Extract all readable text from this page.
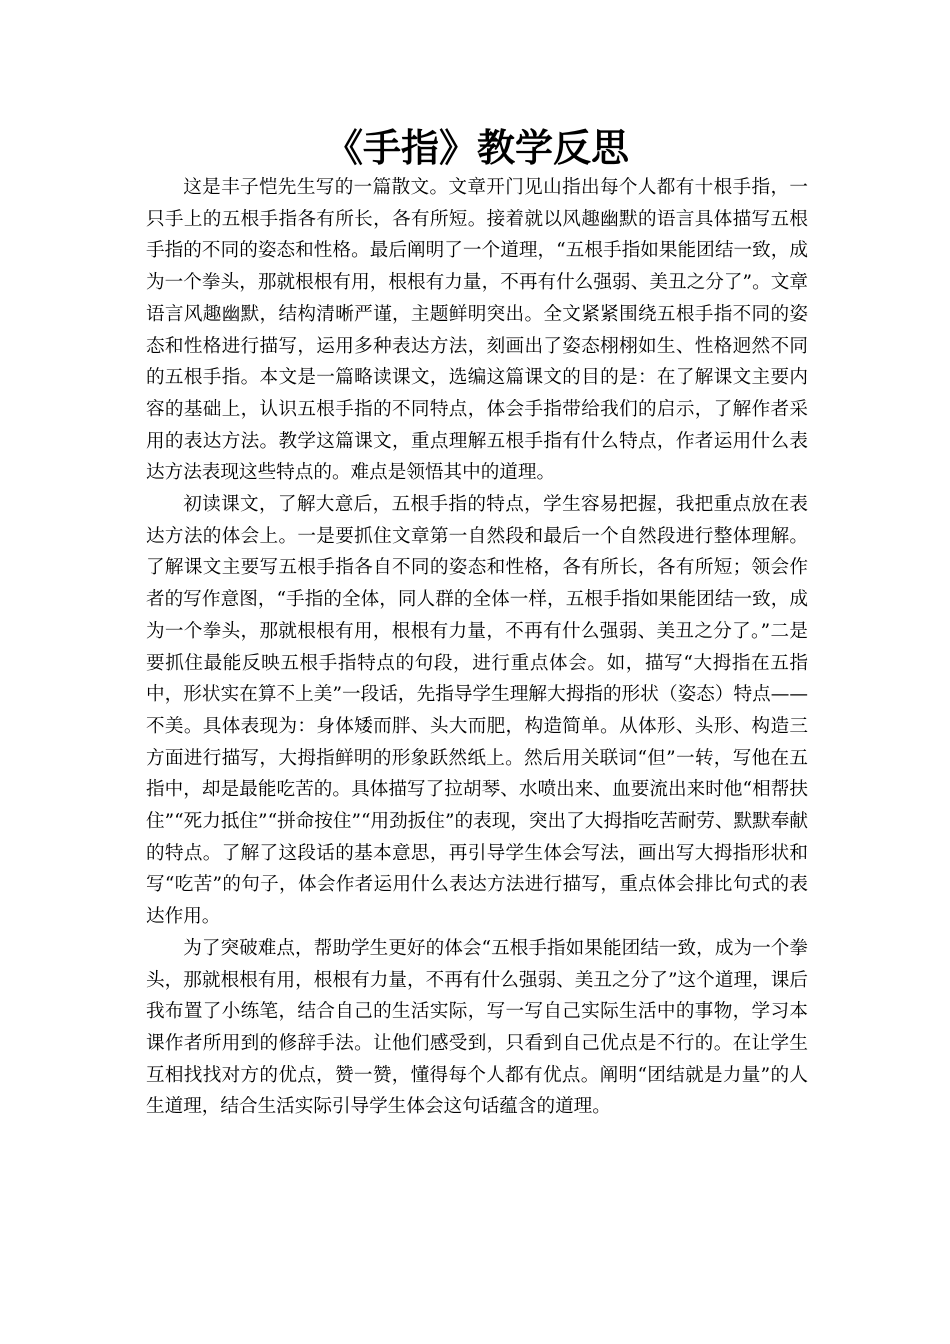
《手指》教学反思

这是丰子恺先生写的一篇散文。文章开门见山指出每个人都有十根手指，一只手上的五根手指各有所长，各有所短。接着就以风趣幽默的语言具体描写五根手指的不同的姿态和性格。最后阐明了一个道理，“五根手指如果能团结一致，成为一个拳头，那就根根有用，根根有力量，不再有什么强弱、美丑之分了”。文章语言风趣幽默，结构清晰严谨，主题鲜明突出。全文紧紧围绕五根手指不同的姿态和性格进行描写，运用多种表达方法，刻画出了姿态栩栩如生、性格迥然不同的五根手指。本文是一篇略读课文，选编这篇课文的目的是：在了解课文主要内容的基础上，认识五根手指的不同特点，体会手指带给我们的启示，了解作者采用的表达方法。教学这篇课文，重点理解五根手指有什么特点，作者运用什么表达方法表现这些特点的。难点是领悟其中的道理。

初读课文，了解大意后，五根手指的特点，学生容易把握，我把重点放在表达方法的体会上。一是要抓住文章第一自然段和最后一个自然段进行整体理解。了解课文主要写五根手指各自不同的姿态和性格，各有所长，各有所短；领会作者的写作意图，“手指的全体，同人群的全体一样，五根手指如果能团结一致，成为一个拳头，那就根根有用，根根有力量，不再有什么强弱、美丑之分了。”二是要抓住最能反映五根手指特点的句段，进行重点体会。如，描写“大拇指在五指中，形状实在算不上美”一段话，先指导学生理解大拇指的形状（姿态）特点——不美。具体表现为：身体矮而胖、头大而肥，构造简单。从体形、头形、构造三方面进行描写，大拇指鲜明的形象跃然纸上。然后用关联词“但”一转，写他在五指中，却是最能吃苦的。具体描写了拉胡琴、水喷出来、血要流出来时他“相帮扶住”“死力抵住”“拼命按住”“用劲扳住”的表现，突出了大拇指吃苦耐劳、默默奉献的特点。了解了这段话的基本意思，再引导学生体会写法，画出写大拇指形状和写“吃苦”的句子，体会作者运用什么表达方法进行描写，重点体会排比句式的表达作用。

为了突破难点，帮助学生更好的体会“五根手指如果能团结一致，成为一个拳头，那就根根有用，根根有力量，不再有什么强弱、美丑之分了”这个道理，课后我布置了小练笔，结合自己的生活实际，写一写自己实际生活中的事物，学习本课作者所用到的修辞手法。让他们感受到，只看到自己优点是不行的。在让学生互相找找对方的优点，赞一赞，懂得每个人都有优点。阐明“团结就是力量”的人生道理，结合生活实际引导学生体会这句话蕴含的道理。
